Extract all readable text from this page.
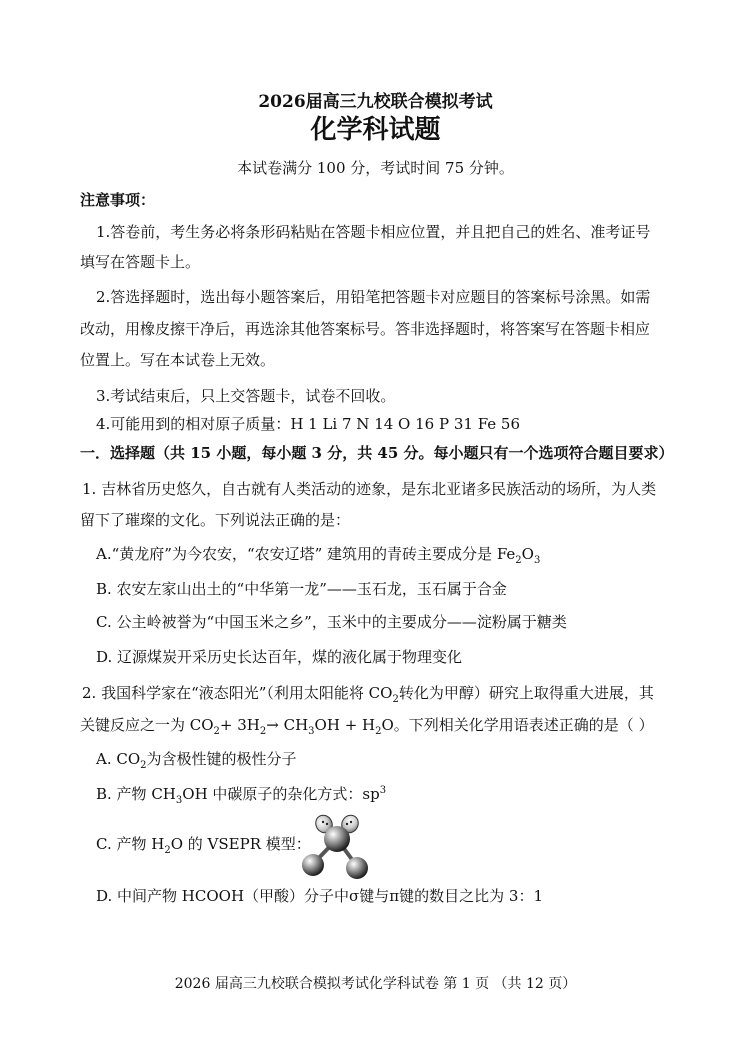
2026届高三九校联合模拟考试
化学科试题
本试卷满分 100 分，考试时间 75 分钟。
注意事项：
1.答卷前，考生务必将条形码粘贴在答题卡相应位置，并且把自己的姓名、准考证号
填写在答题卡上。
2.答选择题时，选出每小题答案后，用铅笔把答题卡对应题目的答案标号涂黑。如需
改动，用橡皮擦干净后，再选涂其他答案标号。答非选择题时，将答案写在答题卡相应
位置上。写在本试卷上无效。
3.考试结束后，只上交答题卡，试卷不回收。
4.可能用到的相对原子质量：H 1 Li 7 N 14 O 16 P 31 Fe 56
一．选择题（共 15 小题，每小题 3 分，共 45 分。每小题只有一个选项符合题目要求）
1. 吉林省历史悠久，自古就有人类活动的迹象，是东北亚诸多民族活动的场所，为人类
留下了璀璨的文化。下列说法正确的是：
A.“黄龙府”为今农安，“农安辽塔” 建筑用的青砖主要成分是 $Fe_2O_3$
B. 农安左家山出土的“中华第一龙”——玉石龙，玉石属于合金
C. 公主岭被誉为“中国玉米之乡”，玉米中的主要成分——淀粉属于糖类
D. 辽源煤炭开采历史长达百年，煤的液化属于物理变化
2. 我国科学家在“液态阳光”（利用太阳能将 $CO_2$转化为甲醇）研究上取得重大进展，其
关键反应之一为 $CO_2+ 3H_2\to CH_3OH + H_2O$。下列相关化学用语表述正确的是（ ）
A. $CO_2$为含极性键的极性分子
B. 产物 $CH_3OH$ 中碳原子的杂化方式：$sp^3$
C. 产物 $H_2O$ 的 VSEPR 模型：
D. 中间产物 HCOOH（甲酸）分子中σ键与π键的数目之比为 3：1
2026 届高三九校联合模拟考试化学科试卷 第 1 页 （共 12 页）
